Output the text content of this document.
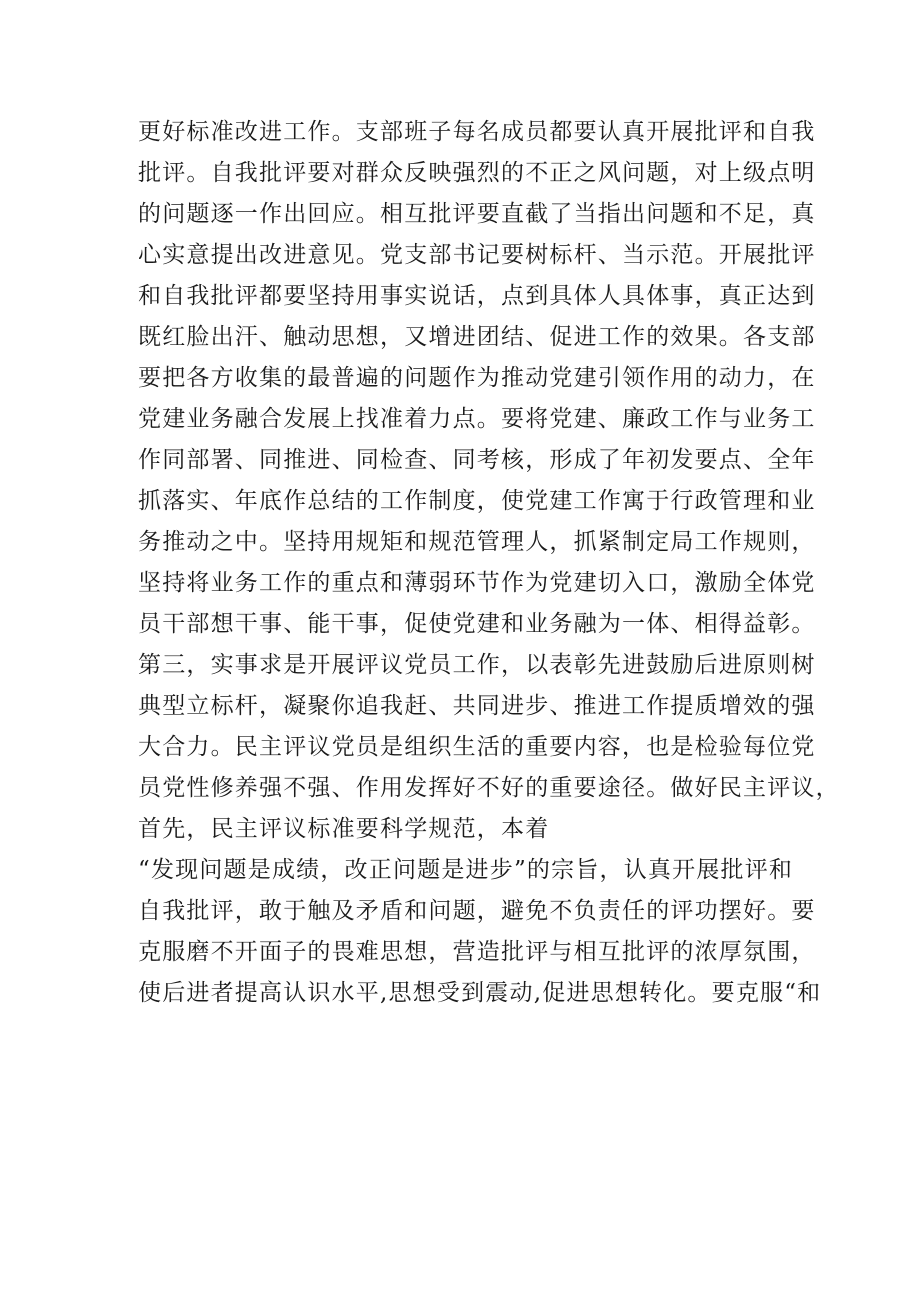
更好标准改进工作。支部班子每名成员都要认真开展批评和自我
批评。自我批评要对群众反映强烈的不正之风问题，对上级点明
的问题逐一作出回应。相互批评要直截了当指出问题和不足，真
心实意提出改进意见。党支部书记要树标杆、当示范。开展批评
和自我批评都要坚持用事实说话，点到具体人具体事，真正达到
既红脸出汗、触动思想，又增进团结、促进工作的效果。各支部
要把各方收集的最普遍的问题作为推动党建引领作用的动力，在
党建业务融合发展上找准着力点。要将党建、廉政工作与业务工
作同部署、同推进、同检查、同考核，形成了年初发要点、全年
抓落实、年底作总结的工作制度，使党建工作寓于行政管理和业
务推动之中。坚持用规矩和规范管理人，抓紧制定局工作规则，
坚持将业务工作的重点和薄弱环节作为党建切入口，激励全体党
员干部想干事、能干事，促使党建和业务融为一体、相得益彰。
第三，实事求是开展评议党员工作，以表彰先进鼓励后进原则树
典型立标杆，凝聚你追我赶、共同进步、推进工作提质增效的强
大合力。民主评议党员是组织生活的重要内容，也是检验每位党
员党性修养强不强、作用发挥好不好的重要途径。做好民主评议，
首先，民主评议标准要科学规范，本着
“发现问题是成绩，改正问题是进步”的宗旨，认真开展批评和
自我批评，敢于触及矛盾和问题，避免不负责任的评功摆好。要
克服磨不开面子的畏难思想，营造批评与相互批评的浓厚氛围，
使后进者提高认识水平,思想受到震动,促进思想转化。要克服“和
